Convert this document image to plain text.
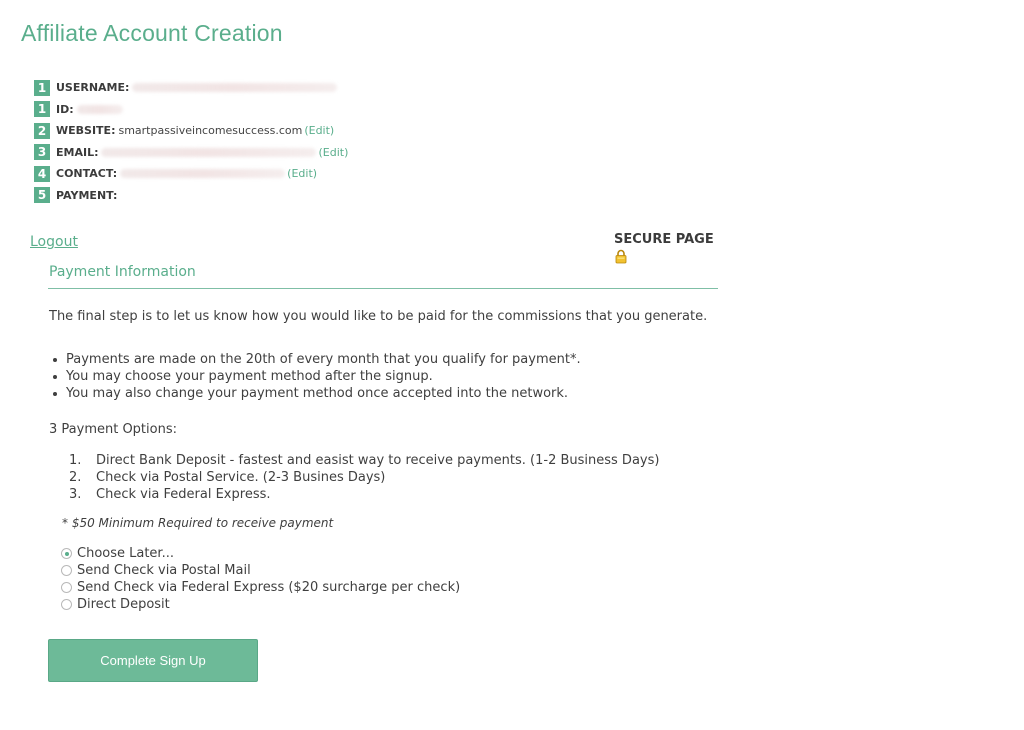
Affiliate Account Creation
1 USERNAME:
1 ID:
2 WEBSITE: smartpassiveincomesuccess.com (Edit)
3 EMAIL:	(Edit)
4 CONTACT:	(Edit)
5 PAYMENT:
Logout	SECURE PAGE
Payment Information

The final step is to let us know how you would like to be paid for the commissions that you generate.

Payments are made on the 20th of every month that you qualify for payment*.
You may choose your payment method after the signup.
You may also change your payment method once accepted into the network.

3 Payment Options:

1.	Direct Bank Deposit - fastest and easist way to receive payments. (1-2 Business Days)
2.	Check via Postal Service. (2-3 Busines Days)
3.	Check via Federal Express.

* $50 Minimum Required to receive payment

Choose Later...
Send Check via Postal Mail
Send Check via Federal Express ($20 surcharge per check)
Direct Deposit
Complete Sign Up
